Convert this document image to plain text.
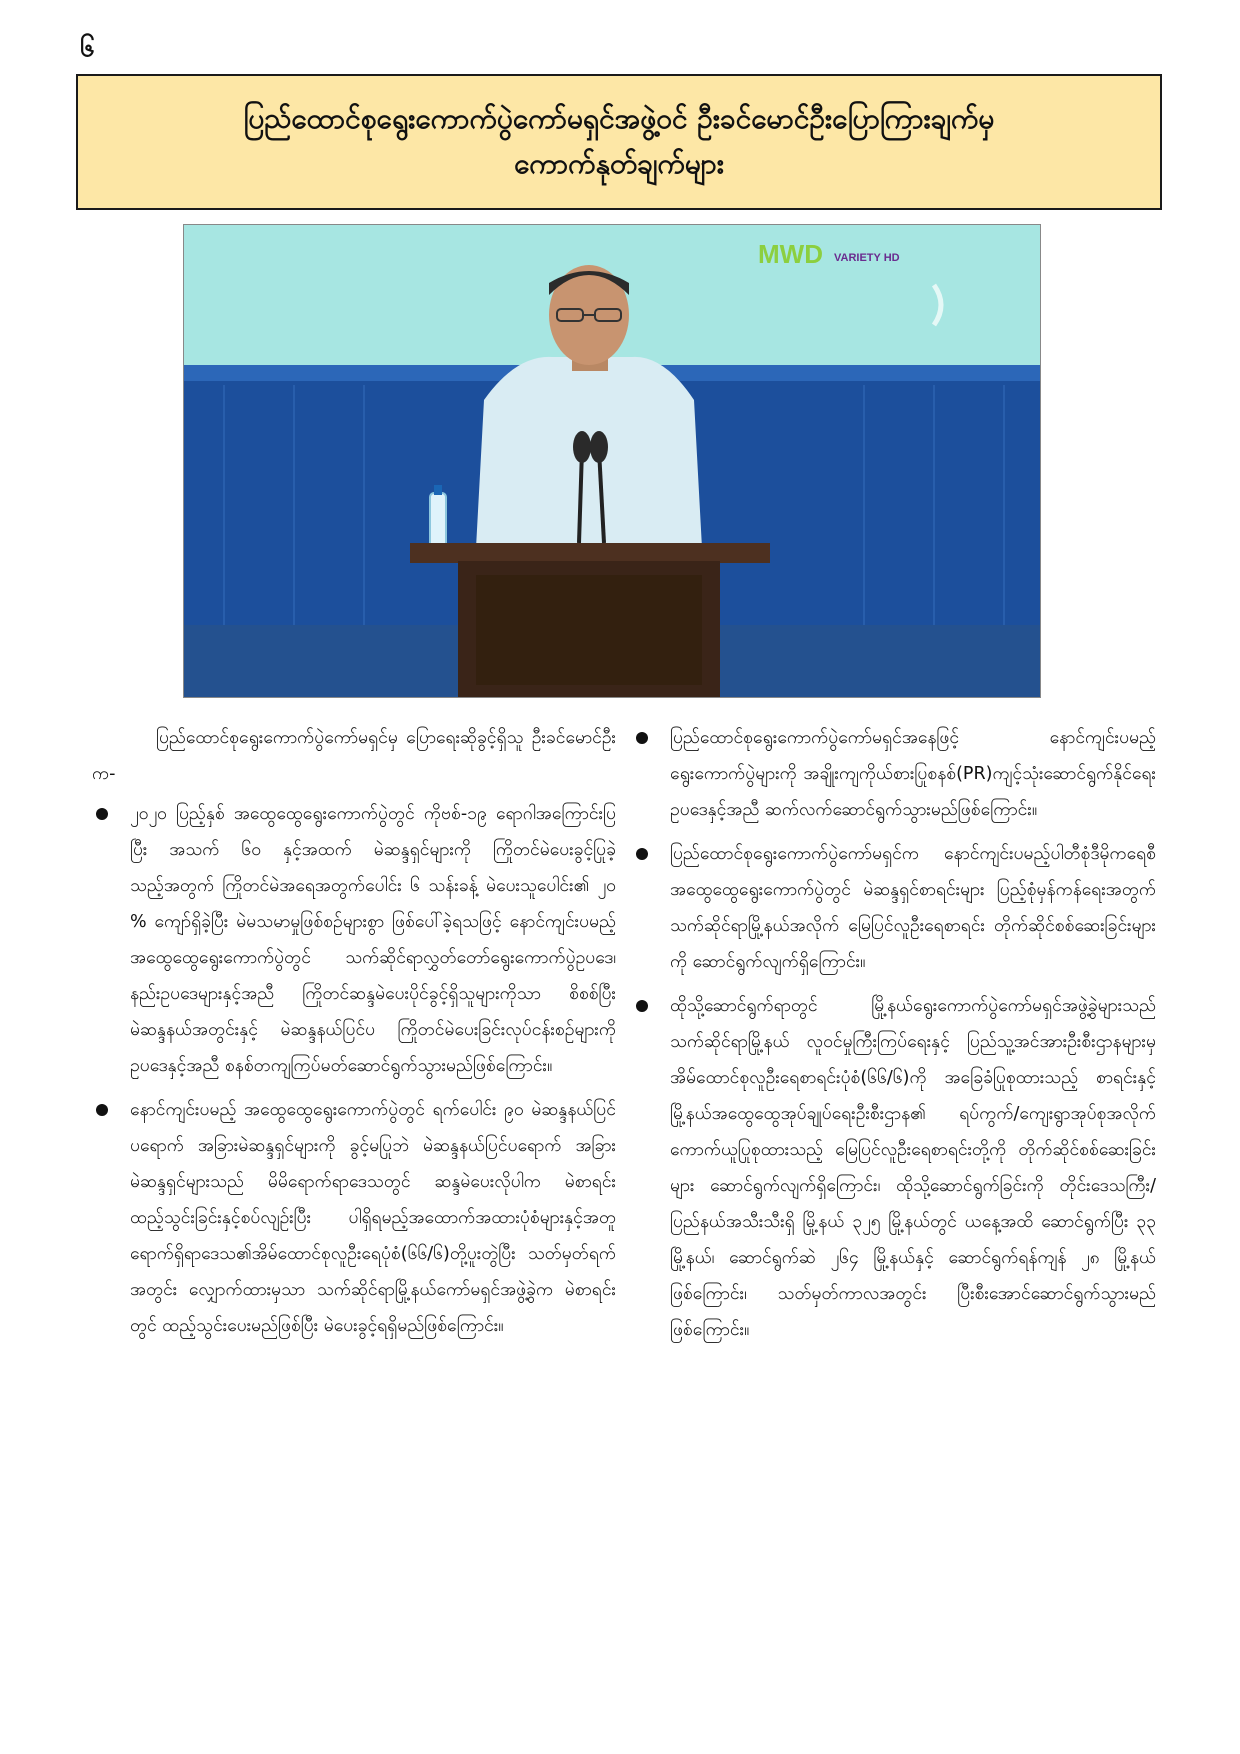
၆
ပြည်ထောင်စုရွေးကောက်ပွဲကော်မရှင်အဖွဲ့ဝင် ဦးခင်မောင်ဦးပြောကြားချက်မှ
ကောက်နုတ်ချက်များ
MWD VARIETY HD

ပြည်ထောင်စုရွေးကောက်ပွဲကော်မရှင်မှ ပြောရေးဆိုခွင့်ရှိသူ ဦးခင်မောင်ဦးက-

၂၀၂၀ ပြည့်နှစ် အထွေထွေရွေးကောက်ပွဲတွင် ကိုဗစ်-၁၉ ရောဂါအကြောင်းပြပြီး အသက် ၆၀ နှင့်အထက် မဲဆန္ဒရှင်များကို ကြိုတင်မဲပေးခွင့်ပြုခဲ့သည့်အတွက် ကြိုတင်မဲအရေအတွက်ပေါင်း ၆ သန်းခန့် မဲပေးသူပေါင်း၏ ၂၀ % ကျော်ရှိခဲ့ပြီး မဲမသမာမှုဖြစ်စဉ်များစွာ ဖြစ်ပေါ်ခဲ့ရသဖြင့် နောင်ကျင်းပမည့်အထွေထွေရွေးကောက်ပွဲတွင် သက်ဆိုင်ရာလွှတ်တော်ရွေးကောက်ပွဲဥပဒေ၊ နည်းဥပဒေများနှင့်အညီ ကြိုတင်ဆန္ဒမဲပေးပိုင်ခွင့်ရှိသူများကိုသာ စိစစ်ပြီး မဲဆန္ဒနယ်အတွင်းနှင့် မဲဆန္ဒနယ်ပြင်ပ ကြိုတင်မဲပေးခြင်းလုပ်ငန်းစဉ်များကို ဥပဒေနှင့်အညီ စနစ်တကျကြပ်မတ်ဆောင်ရွက်သွားမည်ဖြစ်ကြောင်း။
နောင်ကျင်းပမည့် အထွေထွေရွေးကောက်ပွဲတွင် ရက်ပေါင်း ၉၀ မဲဆန္ဒနယ်ပြင်ပရောက် အခြားမဲဆန္ဒရှင်များကို ခွင့်မပြုဘဲ မဲဆန္ဒနယ်ပြင်ပရောက် အခြားမဲဆန္ဒရှင်များသည် မိမိရောက်ရာဒေသတွင် ဆန္ဒမဲပေးလိုပါက မဲစာရင်းထည့်သွင်းခြင်းနှင့်စပ်လျဉ်းပြီး ပါရှိရမည့်အထောက်အထားပုံစံများနှင့်အတူ ရောက်ရှိရာဒေသ၏အိမ်ထောင်စုလူဦးရေပုံစံ(၆၆/၆)တို့ပူးတွဲပြီး သတ်မှတ်ရက်အတွင်း လျှောက်ထားမှသာ သက်ဆိုင်ရာမြို့နယ်ကော်မရှင်အဖွဲ့ခွဲက မဲစာရင်းတွင် ထည့်သွင်းပေးမည်ဖြစ်ပြီး မဲပေးခွင့်ရရှိမည်ဖြစ်ကြောင်း။
ပြည်ထောင်စုရွေးကောက်ပွဲကော်မရှင်အနေဖြင့် နောင်ကျင်းပမည့် ရွေးကောက်ပွဲများကို အချိုးကျကိုယ်စားပြုစနစ်(PR)ကျင့်သုံးဆောင်ရွက်နိုင်ရေး ဥပဒေနှင့်အညီ ဆက်လက်ဆောင်ရွက်သွားမည်ဖြစ်ကြောင်း။
ပြည်ထောင်စုရွေးကောက်ပွဲကော်မရှင်က နောင်ကျင်းပမည့်ပါတီစုံဒီမိုကရေစီအထွေထွေရွေးကောက်ပွဲတွင် မဲဆန္ဒရှင်စာရင်းများ ပြည့်စုံမှန်ကန်ရေးအတွက် သက်ဆိုင်ရာမြို့နယ်အလိုက် မြေပြင်လူဦးရေစာရင်း တိုက်ဆိုင်စစ်ဆေးခြင်းများကို ဆောင်ရွက်လျက်ရှိကြောင်း။
ထိုသို့ဆောင်ရွက်ရာတွင် မြို့နယ်ရွေးကောက်ပွဲကော်မရှင်အဖွဲ့ခွဲများသည် သက်ဆိုင်ရာမြို့နယ် လူဝင်မှုကြီးကြပ်ရေးနှင့် ပြည်သူ့အင်အားဦးစီးဌာနများမှ အိမ်ထောင်စုလူဦးရေစာရင်းပုံစံ(၆၆/၆)ကို အခြေခံပြုစုထားသည့် စာရင်းနှင့် မြို့နယ်အထွေထွေအုပ်ချုပ်ရေးဦးစီးဌာန၏ ရပ်ကွက်/ကျေးရွာအုပ်စုအလိုက် ကောက်ယူပြုစုထားသည့် မြေပြင်လူဦးရေစာရင်းတို့ကို တိုက်ဆိုင်စစ်ဆေးခြင်းများ ဆောင်ရွက်လျက်ရှိကြောင်း၊ ထိုသို့ဆောင်ရွက်ခြင်းကို တိုင်းဒေသကြီး/ပြည်နယ်အသီးသီးရှိ မြို့နယ် ၃၂၅ မြို့နယ်တွင် ယနေ့အထိ ဆောင်ရွက်ပြီး ၃၃ မြို့နယ်၊ ဆောင်ရွက်ဆဲ ၂၆၄ မြို့နယ်နှင့် ဆောင်ရွက်ရန်ကျန် ၂၈ မြို့နယ်ဖြစ်ကြောင်း၊ သတ်မှတ်ကာလအတွင်း ပြီးစီးအောင်ဆောင်ရွက်သွားမည်ဖြစ်ကြောင်း။
